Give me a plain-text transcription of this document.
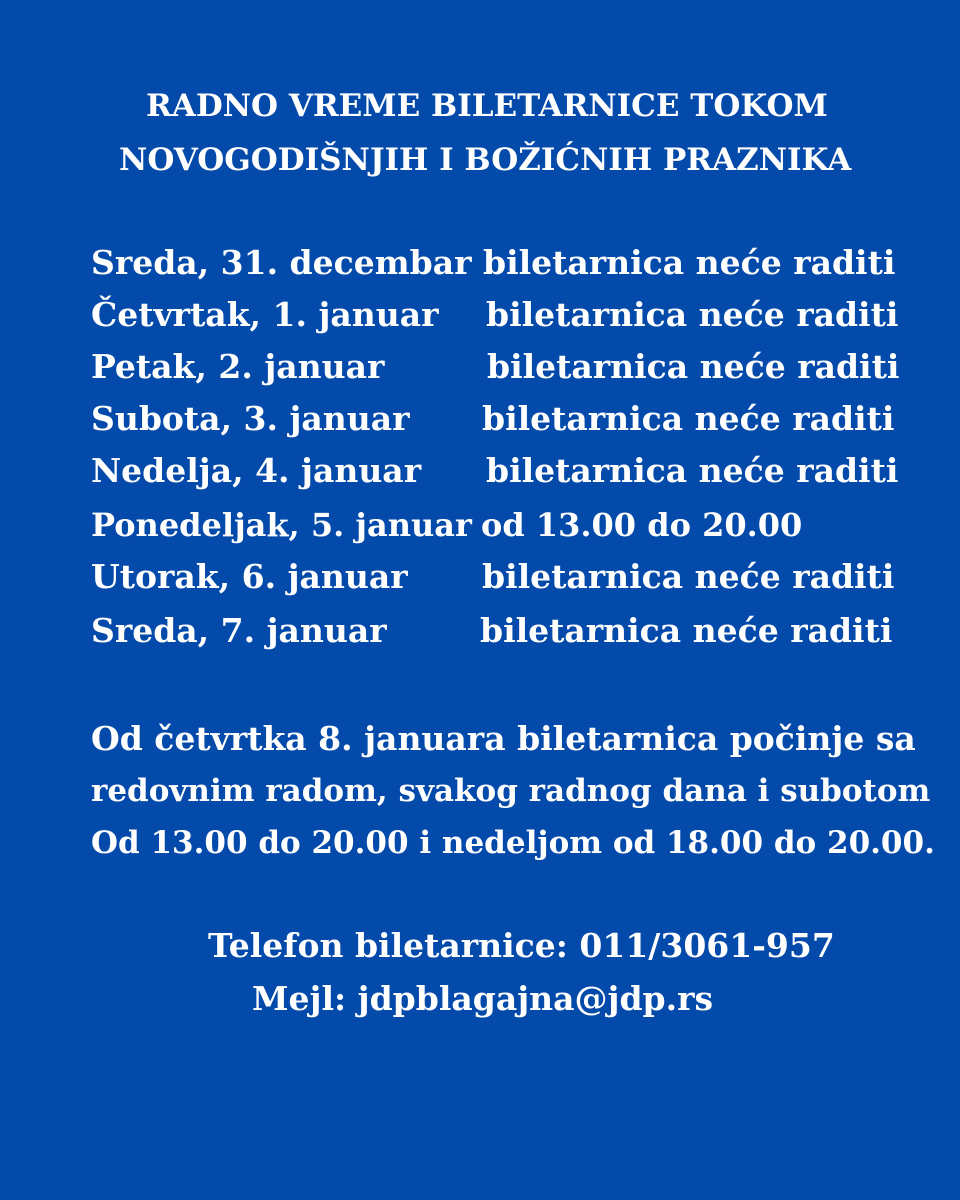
RADNO VREME BILETARNICE TOKOM
NOVOGODIŠNJIH I BOŽIĆNIH PRAZNIKA
Sreda, 31. decembar biletarnica neće raditi
Četvrtak, 1. januar biletarnica neće raditi
Petak, 2. januar	biletarnica neće raditi
Subota, 3. januar biletarnica neće raditi
Nedelja, 4. januar biletarnica neće raditi
Ponedeljak, 5. januar od 13.00 do 20.00
Utorak, 6. januar biletarnica neće raditi
Sreda, 7. januar	biletarnica neće raditi
Od četvrtka 8. januara biletarnica počinje sa
redovnim radom, svakog radnog dana i subotom
Od 13.00 do 20.00 i nedeljom od 18.00 do 20.00.
Telefon biletarnice: 011/3061-957
Mejl: jdpblagajna@jdp.rs
